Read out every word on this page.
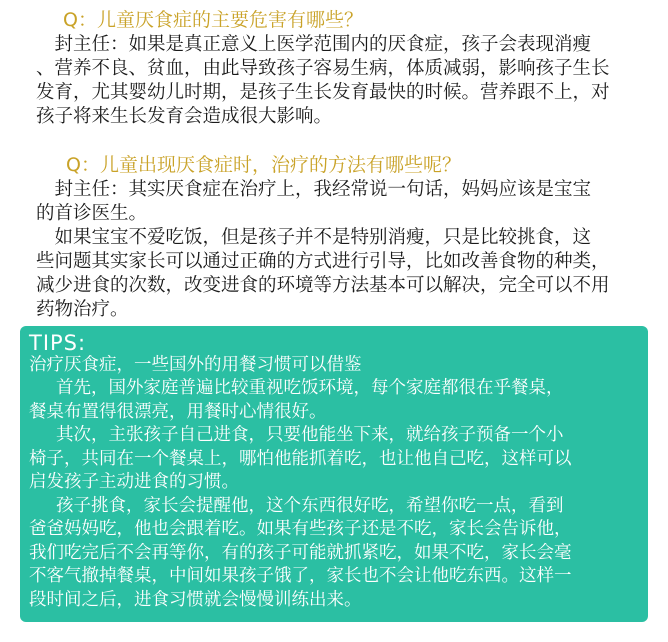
Q：儿童厌食症的主要危害有哪些？

　封主任：如果是真正意义上医学范围内的厌食症，孩子会表现消瘦
、营养不良、贫血，由此导致孩子容易生病，体质减弱，影响孩子生长
发育，尤其婴幼儿时期，是孩子生长发育最快的时候。营养跟不上，对
孩子将来生长发育会造成很大影响。

Q：儿童出现厌食症时，治疗的方法有哪些呢？

　封主任：其实厌食症在治疗上，我经常说一句话，妈妈应该是宝宝
的首诊医生。
　如果宝宝不爱吃饭，但是孩子并不是特别消瘦，只是比较挑食，这
些问题其实家长可以通过正确的方式进行引导，比如改善食物的种类，
减少进食的次数，改变进食的环境等方法基本可以解决，完全可以不用
药物治疗。

TIPS:
治疗厌食症，一些国外的用餐习惯可以借鉴

首先，国外家庭普遍比较重视吃饭环境，每个家庭都很在乎餐桌，
餐桌布置得很漂亮，用餐时心情很好。

其次，主张孩子自己进食，只要他能坐下来，就给孩子预备一个小
椅子，共同在一个餐桌上，哪怕他能抓着吃，也让他自己吃，这样可以
启发孩子主动进食的习惯。

孩子挑食，家长会提醒他，这个东西很好吃，希望你吃一点，看到
爸爸妈妈吃，他也会跟着吃。如果有些孩子还是不吃，家长会告诉他，
我们吃完后不会再等你，有的孩子可能就抓紧吃，如果不吃，家长会毫
不客气撤掉餐桌，中间如果孩子饿了，家长也不会让他吃东西。这样一
段时间之后，进食习惯就会慢慢训练出来。
